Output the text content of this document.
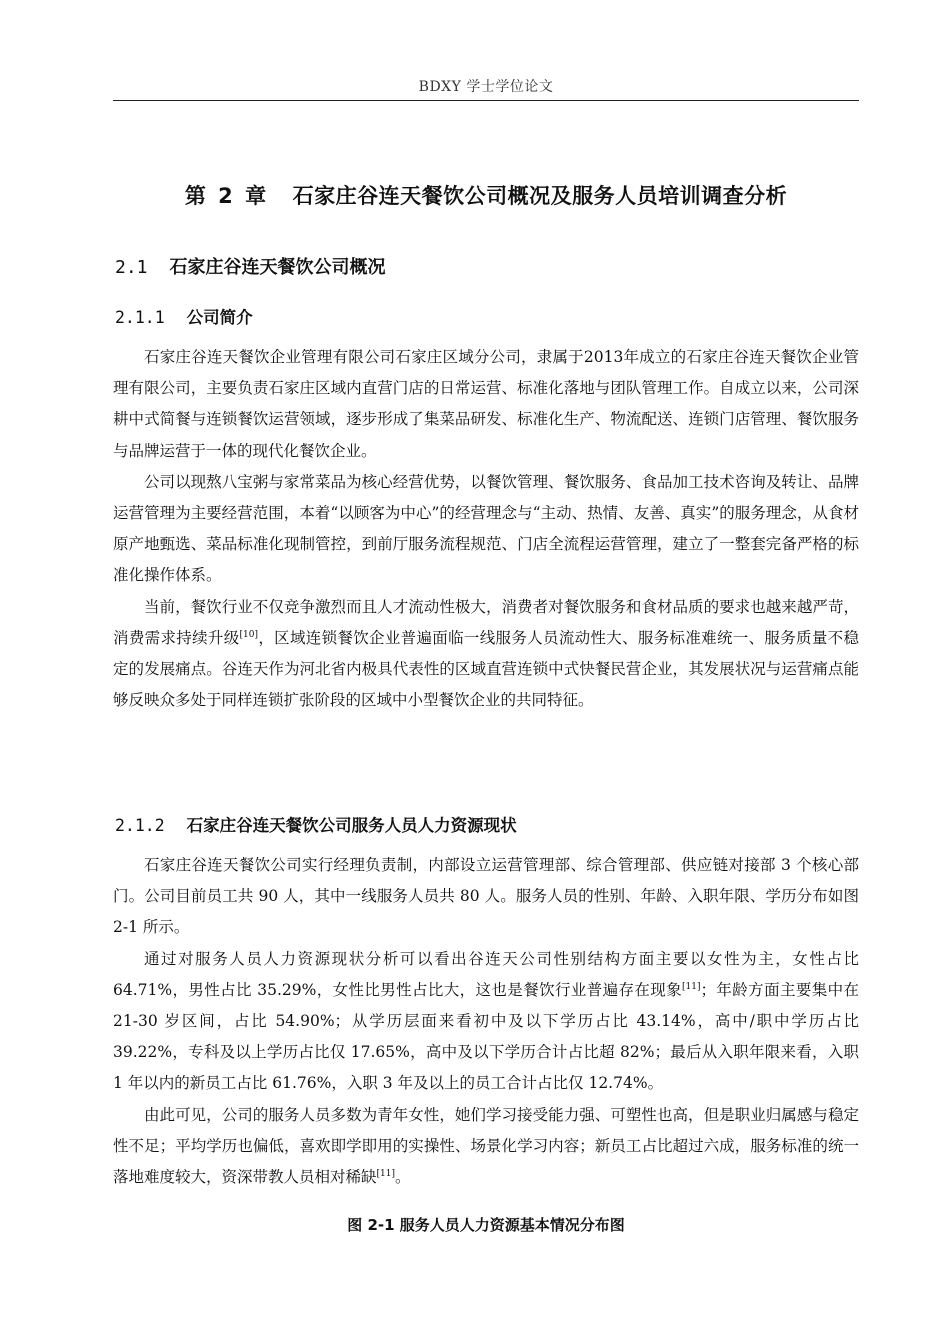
BDXY 学士学位论文
第 2 章 石家庄谷连天餐饮公司概况及服务人员培训调查分析
2.1 石家庄谷连天餐饮公司概况
2.1.1 公司简介

石家庄谷连天餐饮企业管理有限公司石家庄区域分公司，隶属于2013年成立的石家庄谷连天餐饮企业管理有限公司，主要负责石家庄区域内直营门店的日常运营、标准化落地与团队管理工作。自成立以来，公司深耕中式简餐与连锁餐饮运营领域，逐步形成了集菜品研发、标准化生产、物流配送、连锁门店管理、餐饮服务与品牌运营于一体的现代化餐饮企业。

公司以现熬八宝粥与家常菜品为核心经营优势，以餐饮管理、餐饮服务、食品加工技术咨询及转让、品牌运营管理为主要经营范围，本着“以顾客为中心”的经营理念与“主动、热情、友善、真实”的服务理念，从食材原产地甄选、菜品标准化现制管控，到前厅服务流程规范、门店全流程运营管理，建立了一整套完备严格的标准化操作体系。

当前，餐饮行业不仅竞争激烈而且人才流动性极大，消费者对餐饮服务和食材品质的要求也越来越严苛，消费需求持续升级[10]，区域连锁餐饮企业普遍面临一线服务人员流动性大、服务标准难统一、服务质量不稳定的发展痛点。谷连天作为河北省内极具代表性的区域直营连锁中式快餐民营企业，其发展状况与运营痛点能够反映众多处于同样连锁扩张阶段的区域中小型餐饮企业的共同特征。

2.1.2 石家庄谷连天餐饮公司服务人员人力资源现状

石家庄谷连天餐饮公司实行经理负责制，内部设立运营管理部、综合管理部、供应链对接部 3 个核心部门。公司目前员工共 90 人，其中一线服务人员共 80 人。服务人员的性别、年龄、入职年限、学历分布如图 2-1 所示。

通过对服务人员人力资源现状分析可以看出谷连天公司性别结构方面主要以女性为主，女性占比 64.71%，男性占比 35.29%，女性比男性占比大，这也是餐饮行业普遍存在现象[11]；年龄方面主要集中在 21-30 岁区间，占比 54.90%；从学历层面来看初中及以下学历占比 43.14%，高中/职中学历占比 39.22%，专科及以上学历占比仅 17.65%，高中及以下学历合计占比超 82%；最后从入职年限来看，入职 1 年以内的新员工占比 61.76%，入职 3 年及以上的员工合计占比仅 12.74%。

由此可见，公司的服务人员多数为青年女性，她们学习接受能力强、可塑性也高，但是职业归属感与稳定性不足；平均学历也偏低，喜欢即学即用的实操性、场景化学习内容；新员工占比超过六成，服务标准的统一落地难度较大，资深带教人员相对稀缺[11]。

图 2-1 服务人员人力资源基本情况分布图
